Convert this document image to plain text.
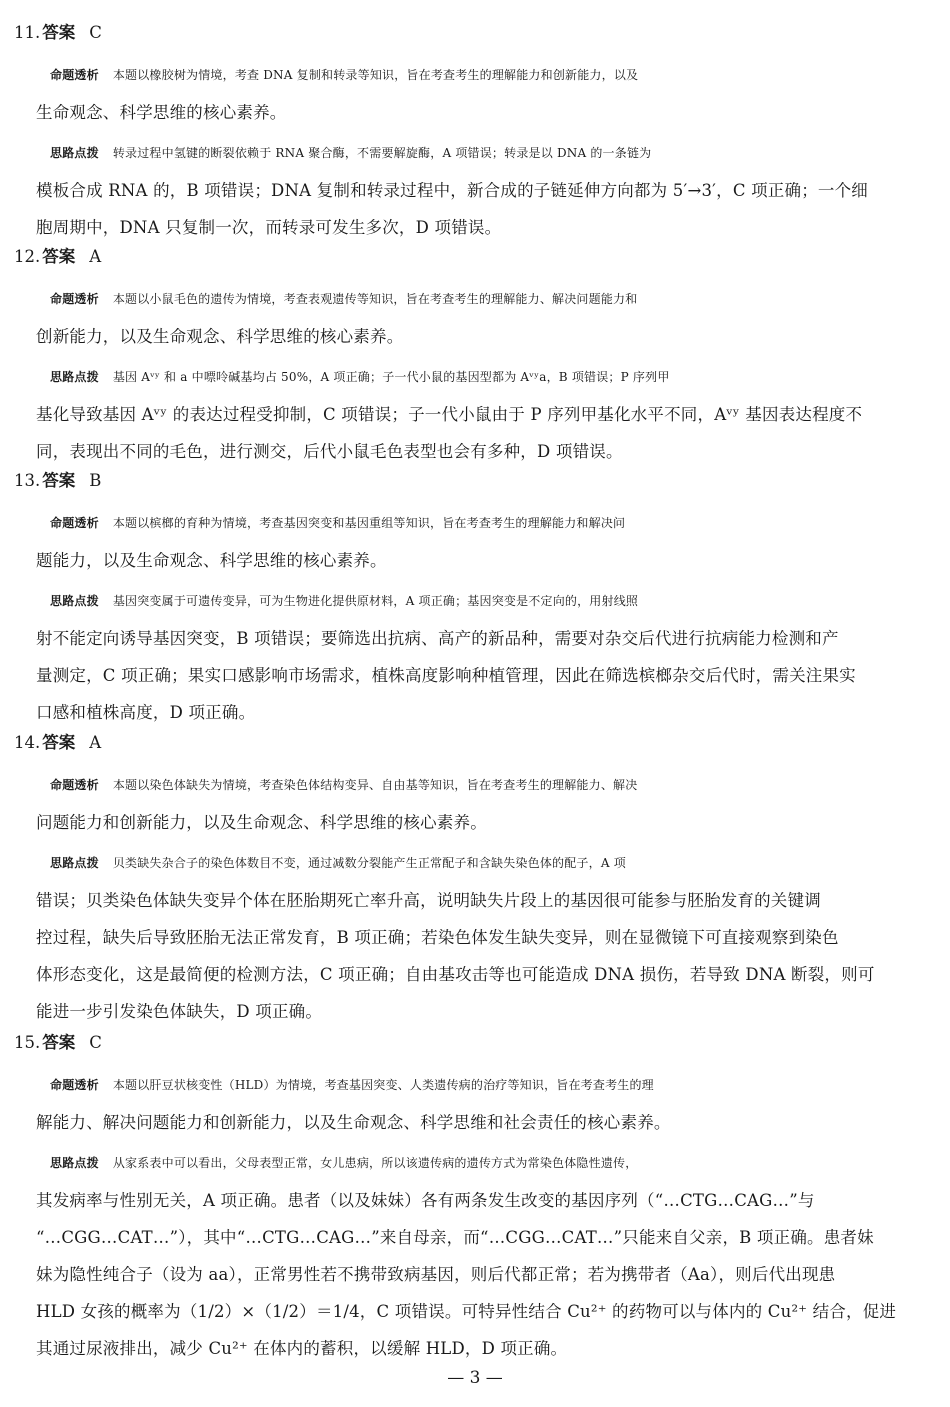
11. 答案 C
命题透析 本题以橡胶树为情境，考查 DNA 复制和转录等知识，旨在考查考生的理解能力和创新能力，以及
生命观念、科学思维的核心素养。
思路点拨 转录过程中氢键的断裂依赖于 RNA 聚合酶，不需要解旋酶，A 项错误；转录是以 DNA 的一条链为
模板合成 RNA 的，B 项错误；DNA 复制和转录过程中，新合成的子链延伸方向都为 5′→3′，C 项正确；一个细
胞周期中，DNA 只复制一次，而转录可发生多次，D 项错误。
12. 答案 A
命题透析 本题以小鼠毛色的遗传为情境，考查表观遗传等知识，旨在考查考生的理解能力、解决问题能力和
创新能力，以及生命观念、科学思维的核心素养。
思路点拨 基因 Aᵛʸ 和 a 中嘌呤碱基均占 50%，A 项正确；子一代小鼠的基因型都为 Aᵛʸa，B 项错误；P 序列甲
基化导致基因 Aᵛʸ 的表达过程受抑制，C 项错误；子一代小鼠由于 P 序列甲基化水平不同，Aᵛʸ 基因表达程度不
同，表现出不同的毛色，进行测交，后代小鼠毛色表型也会有多种，D 项错误。
13. 答案 B
命题透析 本题以槟榔的育种为情境，考查基因突变和基因重组等知识，旨在考查考生的理解能力和解决问
题能力，以及生命观念、科学思维的核心素养。
思路点拨 基因突变属于可遗传变异，可为生物进化提供原材料，A 项正确；基因突变是不定向的，用射线照
射不能定向诱导基因突变，B 项错误；要筛选出抗病、高产的新品种，需要对杂交后代进行抗病能力检测和产
量测定，C 项正确；果实口感影响市场需求，植株高度影响种植管理，因此在筛选槟榔杂交后代时，需关注果实
口感和植株高度，D 项正确。
14. 答案 A
命题透析 本题以染色体缺失为情境，考查染色体结构变异、自由基等知识，旨在考查考生的理解能力、解决
问题能力和创新能力，以及生命观念、科学思维的核心素养。
思路点拨 贝类缺失杂合子的染色体数目不变，通过减数分裂能产生正常配子和含缺失染色体的配子，A 项
错误；贝类染色体缺失变异个体在胚胎期死亡率升高，说明缺失片段上的基因很可能参与胚胎发育的关键调
控过程，缺失后导致胚胎无法正常发育，B 项正确；若染色体发生缺失变异，则在显微镜下可直接观察到染色
体形态变化，这是最简便的检测方法，C 项正确；自由基攻击等也可能造成 DNA 损伤，若导致 DNA 断裂，则可
能进一步引发染色体缺失，D 项正确。
15. 答案 C
命题透析 本题以肝豆状核变性（HLD）为情境，考查基因突变、人类遗传病的治疗等知识，旨在考查考生的理
解能力、解决问题能力和创新能力，以及生命观念、科学思维和社会责任的核心素养。
思路点拨 从家系表中可以看出，父母表型正常，女儿患病，所以该遗传病的遗传方式为常染色体隐性遗传，
其发病率与性别无关，A 项正确。患者（以及妹妹）各有两条发生改变的基因序列（“…CTG…CAG…”与
“…CGG…CAT…”），其中“…CTG…CAG…”来自母亲，而“…CGG…CAT…”只能来自父亲，B 项正确。患者妹
妹为隐性纯合子（设为 aa），正常男性若不携带致病基因，则后代都正常；若为携带者（Aa），则后代出现患
HLD 女孩的概率为（1/2）×（1/2）＝1/4，C 项错误。可特异性结合 Cu²⁺ 的药物可以与体内的 Cu²⁺ 结合，促进
其通过尿液排出，减少 Cu²⁺ 在体内的蓄积，以缓解 HLD，D 项正确。
— 3 —
